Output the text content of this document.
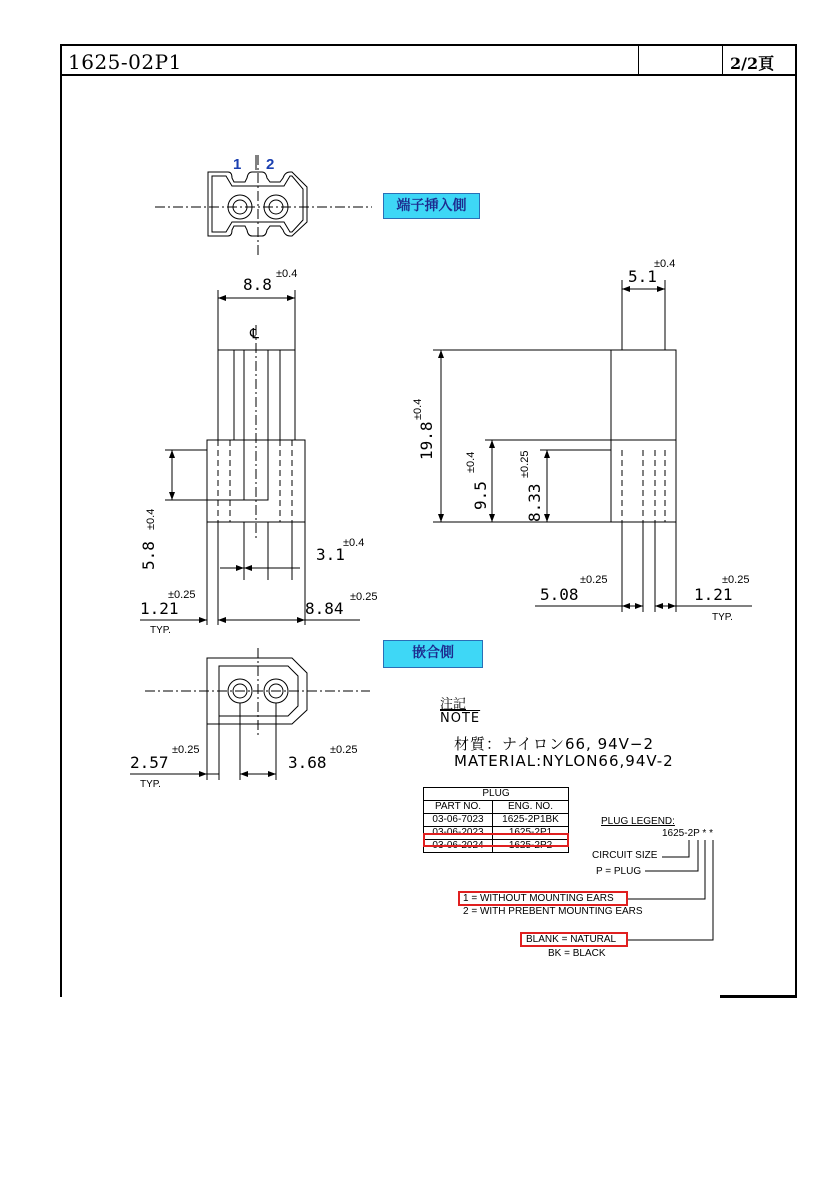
1625-02P1	2/2頁
1 2
℄
8.8
±0.4	5.1
±0.4
19.8
±0.4
9.5
±0.4
8.33
±0.25
5.8
±0.4
3.1
±0.4
1.21
±0.25
TYP.
8.84
±0.25	5.08
±0.25
1.21
±0.25
TYP.
2.57
±0.25
TYP.
3.68
±0.25
端子挿入側
嵌合側
注記
NOTE
材質：ナイロン66, 94V−2
MATERIAL:NYLON66,94V-2
PLUG	
PART NO.	ENG. NO.
03-06-7023	1625-2P1BK
03-06-2023	1625-2P1
03-06-2024	1625-2P2
PLUG LEGEND:
1625-2P * *
CIRCUIT SIZE
P = PLUG
1 = WITHOUT MOUNTING EARS
2 = WITH PREBENT MOUNTING EARS
BLANK = NATURAL
BK = BLACK
